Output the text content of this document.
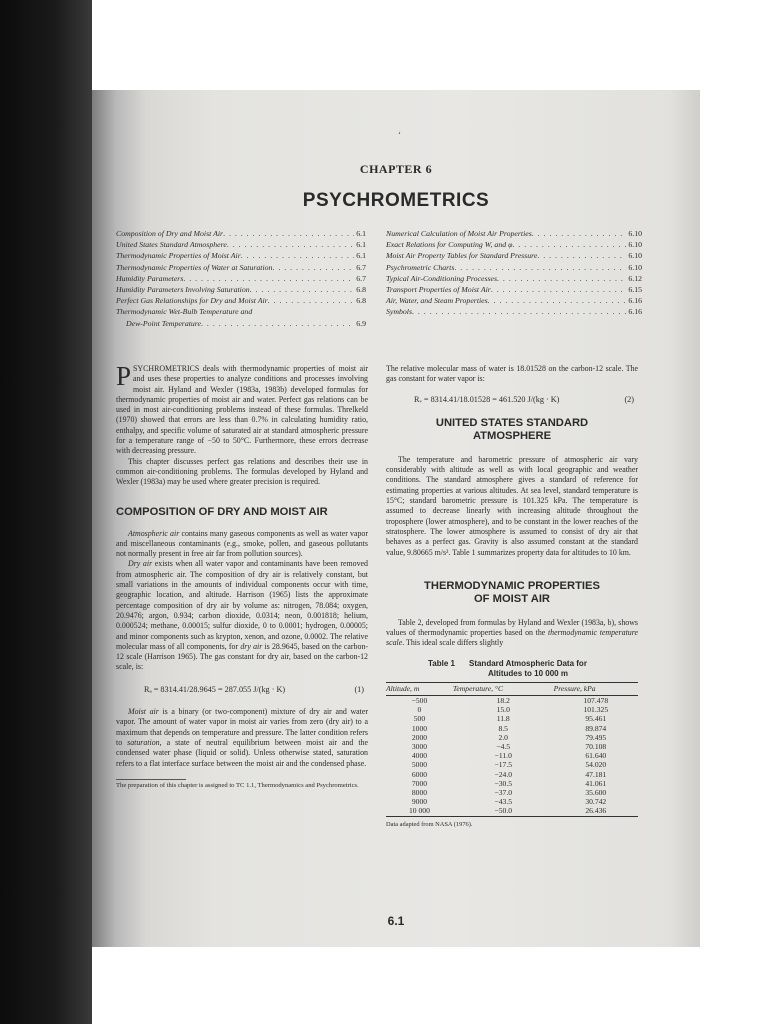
‘
CHAPTER 6
PSYCHROMETRICS
Composition of Dry and Moist Air . . .	6.1
United States Standard Atmosphere . . .	6.1
Thermodynamic Properties of Moist Air . . .	6.1
Thermodynamic Properties of Water at Saturation . . .	6.7
Humidity Parameters . . .	6.7
Humidity Parameters Involving Saturation . . .	6.8
Perfect Gas Relationships for Dry and Moist Air . . .	6.8
Thermodynamic Wet-Bulb Temperature and
Dew-Point Temperature . . .	6.9
Numerical Calculation of Moist Air Properties . . .	6.10
Exact Relations for Computing W, and φ . . .	6.10
Moist Air Property Tables for Standard Pressure . . .	6.10
Psychrometric Charts . . .	6.10
Typical Air-Conditioning Processes . . .	6.12
Transport Properties of Moist Air . . .	6.15
Air, Water, and Steam Properties . . .	6.16
Symbols . . .	6.16

PSYCHROMETRICS deals with thermodynamic properties of moist air and uses these properties to analyze conditions and processes involving moist air. Hyland and Wexler (1983a, 1983b) developed formulas for thermodynamic properties of moist air and water. Perfect gas relations can be used in most air-conditioning problems instead of these formulas. Threlkeld (1970) showed that errors are less than 0.7% in calculating humidity ratio, enthalpy, and specific volume of saturated air at standard atmospheric pressure for a temperature range of −50 to 50°C. Furthermore, these errors decrease with decreasing pressure.

This chapter discusses perfect gas relations and describes their use in common air-conditioning problems. The formulas developed by Hyland and Wexler (1983a) may be used where greater precision is required.

COMPOSITION OF DRY AND MOIST AIR

Atmospheric air contains many gaseous components as well as water vapor and miscellaneous contaminants (e.g., smoke, pollen, and gaseous pollutants not normally present in free air far from pollution sources).

Dry air exists when all water vapor and contaminants have been removed from atmospheric air. The composition of dry air is relatively constant, but small variations in the amounts of individual components occur with time, geographic location, and altitude. Harrison (1965) lists the approximate percentage composition of dry air by volume as: nitrogen, 78.084; oxygen, 20.9476; argon, 0.934; carbon dioxide, 0.0314; neon, 0.001818; helium, 0.000524; methane, 0.00015; sulfur dioxide, 0 to 0.0001; hydrogen, 0.00005; and minor components such as krypton, xenon, and ozone, 0.0002. The relative molecular mass of all components, for dry air is 28.9645, based on the carbon-12 scale (Harrison 1965). The gas constant for dry air, based on the carbon-12 scale, is:

Rₐ = 8314.41/28.9645 = 287.055 J/(kg · K)	(1)

Moist air is a binary (or two-component) mixture of dry air and water vapor. The amount of water vapor in moist air varies from zero (dry air) to a maximum that depends on temperature and pressure. The latter condition refers to saturation, a state of neutral equilibrium between moist air and the condensed water phase (liquid or solid). Unless otherwise stated, saturation refers to a flat interface surface between the moist air and the condensed phase.

The preparation of this chapter is assigned to TC 1.1, Thermodynamics and Psychrometrics.

The relative molecular mass of water is 18.01528 on the carbon-12 scale. The gas constant for water vapor is:

Rᵥ = 8314.41/18.01528 = 461.520 J/(kg · K)	(2)
UNITED STATES STANDARD
ATMOSPHERE

The temperature and barometric pressure of atmospheric air vary considerably with altitude as well as with local geographic and weather conditions. The standard atmosphere gives a standard of reference for estimating properties at various altitudes. At sea level, standard temperature is 15°C; standard barometric pressure is 101.325 kPa. The temperature is assumed to decrease linearly with increasing altitude throughout the troposphere (lower atmosphere), and to be constant in the lower reaches of the stratosphere. The lower atmosphere is assumed to consist of dry air that behaves as a perfect gas. Gravity is also assumed constant at the standard value, 9.80665 m/s². Table 1 summarizes property data for altitudes to 10 km.

THERMODYNAMIC PROPERTIES
OF MOIST AIR

Table 2, developed from formulas by Hyland and Wexler (1983a, b), shows values of thermodynamic properties based on the thermodynamic temperature scale. This ideal scale differs slightly

Table 1 Standard Atmospheric Data for
Altitudes to 10 000 m
Altitude, m	Temperature, °C	Pressure, kPa
−500	18.2	107.478
0	15.0	101.325
500	11.8	95.461
1000	8.5	89.874
2000	2.0	79.495
3000	−4.5	70.108
4000	−11.0	61.640
5000	−17.5	54.020
6000	−24.0	47.181
7000	−30.5	41.061
8000	−37.0	35.600
9000	−43.5	30.742
10 000	−50.0	26.436
Data adapted from NASA (1976).
6.1
